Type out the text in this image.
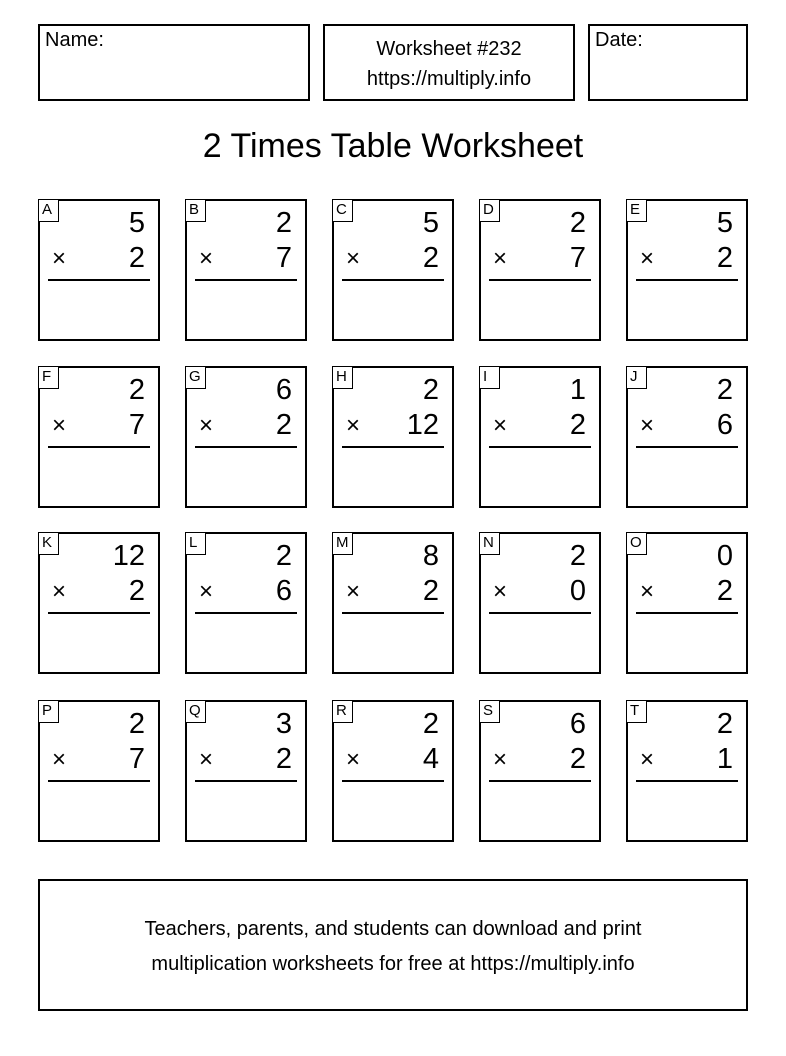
Name:	Worksheet #232
https://multiply.info
Date:
2 Times Table Worksheet
A	5
× 2
B	2
× 7
C	5
× 2
D	2
× 7
E	5
× 2
F	2
× 7
G	6
× 2
H	2
× 12
I	1
× 2
J	2
× 6
K 12
× 2
L	2
× 6
M	8
× 2
N	2
× 0
O	0
× 2
P	2
× 7
Q	3
× 2
R	2
× 4
S	6
× 2
T	2
× 1
Teachers, parents, and students can download and print
multiplication worksheets for free at https://multiply.info
